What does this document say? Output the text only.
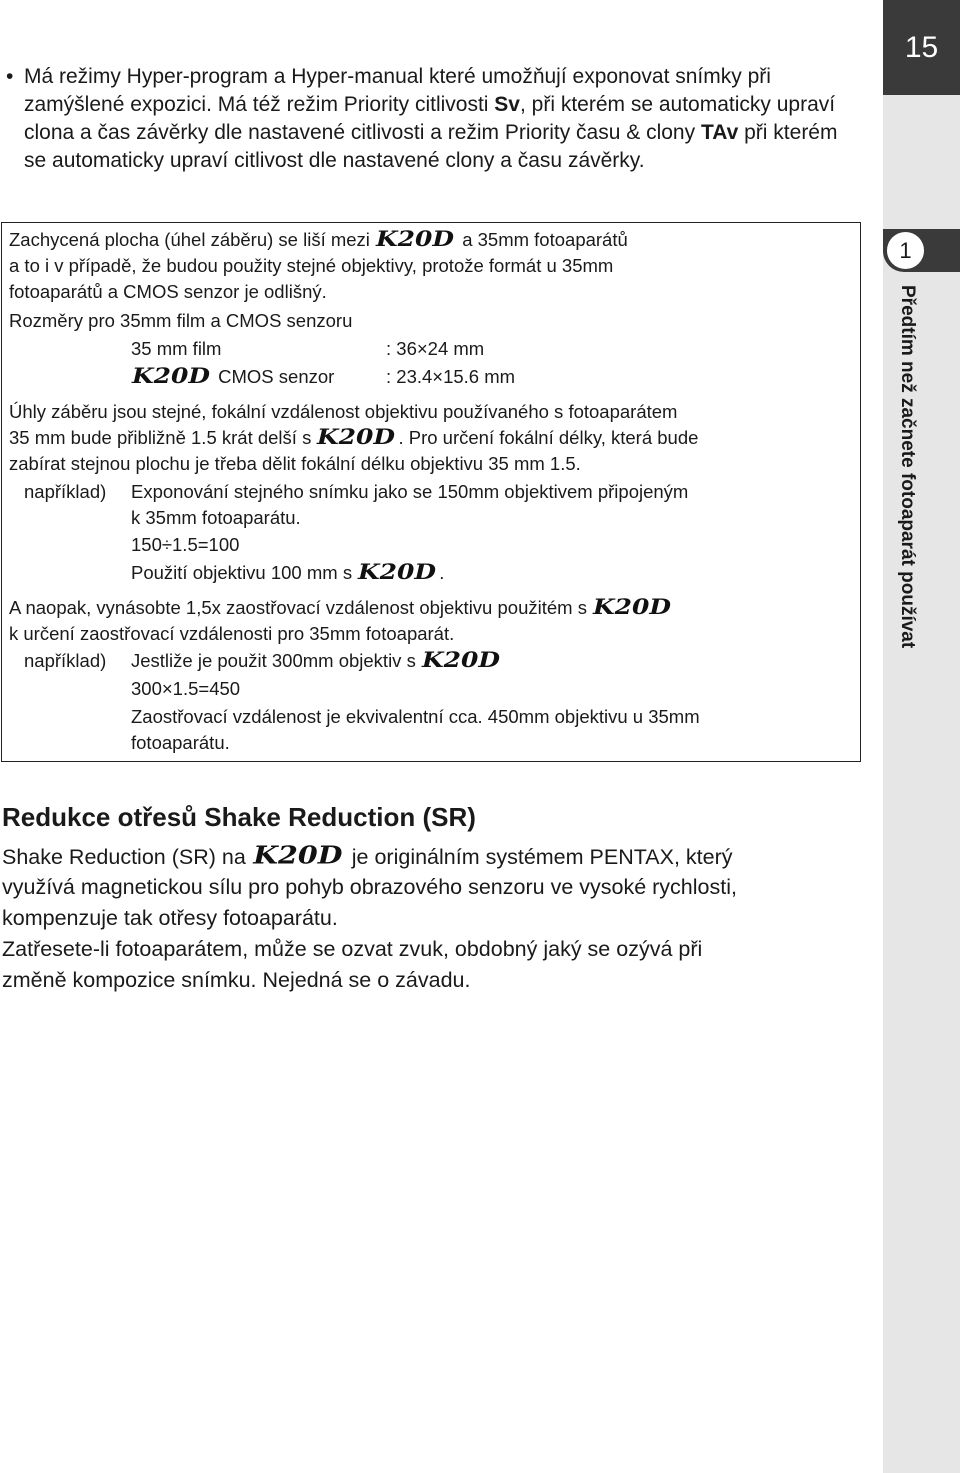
15
1
Předtím než začnete fotoaparát používat
• Má režimy Hyper-program a Hyper-manual které umožňují exponovat snímky při zamýšlené expozici. Má též režim Priority citlivosti Sv, při kterém se automaticky upraví clona a čas závěrky dle nastavené citlivosti a režim Priority času & clony TAv při kterém se automaticky upraví citlivost dle nastavené clony a času závěrky.
Zachycená plocha (úhel záběru) se liší mezi K20D a 35mm fotoaparátů
a to i v případě, že budou použity stejné objektivy, protože formát u 35mm
fotoaparátů a CMOS senzor je odlišný.
Rozměry pro 35mm film a CMOS senzoru
35 mm film	: 36×24 mm
K20D CMOS senzor	: 23.4×15.6 mm
Úhly záběru jsou stejné, fokální vzdálenost objektivu používaného s fotoaparátem
35 mm bude přibližně 1.5 krát delší s K20D . Pro určení fokální délky, která bude
zabírat stejnou plochu je třeba dělit fokální délku objektivu 35 mm 1.5.
například) Exponování stejného snímku jako se 150mm objektivem připojeným
k 35mm fotoaparátu.
150÷1.5=100
Použití objektivu 100 mm s K20D .
A naopak, vynásobte 1,5x zaostřovací vzdálenost objektivu použitém s K20D
k určení zaostřovací vzdálenosti pro 35mm fotoaparát.
například) Jestliže je použit 300mm objektiv s K20D
300×1.5=450
Zaostřovací vzdálenost je ekvivalentní cca. 450mm objektivu u 35mm
fotoaparátu.
Redukce otřesů Shake Reduction (SR)
Shake Reduction (SR) na K20D je originálním systémem PENTAX, který
využívá magnetickou sílu pro pohyb obrazového senzoru ve vysoké rychlosti,
kompenzuje tak otřesy fotoaparátu.
Zatřesete-li fotoaparátem, může se ozvat zvuk, obdobný jaký se ozývá při
změně kompozice snímku. Nejedná se o závadu.
